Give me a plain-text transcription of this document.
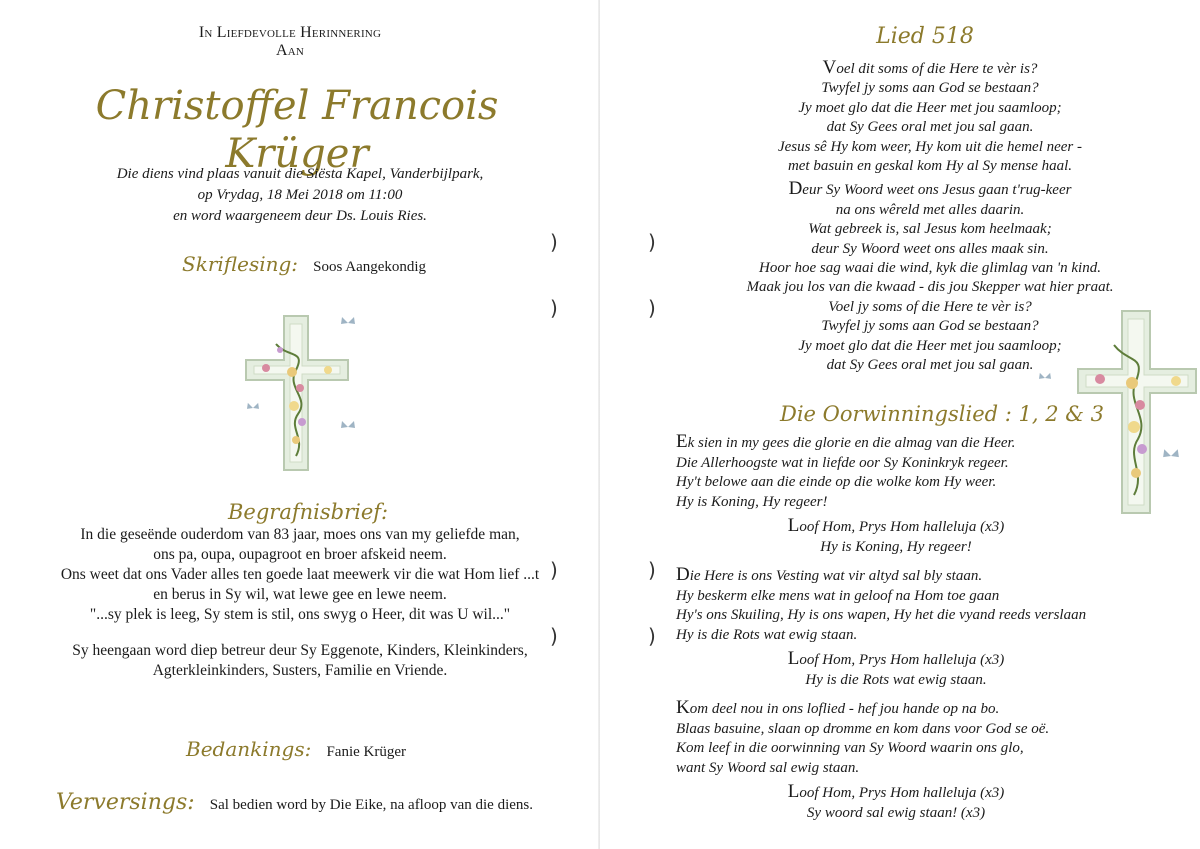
In Liefdevolle Herinnering
Aan
Christoffel Francois Krüger
Die diens vind plaas vanuit die Siësta Kapel, Vanderbijlpark,
op Vrydag, 18 Mei 2018 om 11:00
en word waargeneem deur Ds. Louis Ries.
Skriflesing: Soos Aangekondig
Begrafnisbrief:
In die geseënde ouderdom van 83 jaar, moes ons van my geliefde man,
ons pa, oupa, oupagroot en broer afskeid neem.
Ons weet dat ons Vader alles ten goede laat meewerk vir die wat Hom lief ...t
en berus in Sy wil, wat lewe gee en lewe neem.
"...sy plek is leeg, Sy stem is stil, ons swyg o Heer, dit was U wil..."
Sy heengaan word diep betreur deur Sy Eggenote, Kinders, Kleinkinders,
Agterkleinkinders, Susters, Familie en Vriende.
Bedankings: Fanie Krüger
Verversings: Sal bedien word by Die Eike, na afloop van die diens.
)
)
)
)
Lied 518
Voel dit soms of die Here te vèr is?
Twyfel jy soms aan God se bestaan?
Jy moet glo dat die Heer met jou saamloop;
dat Sy Gees oral met jou sal gaan.
Jesus sê Hy kom weer, Hy kom uit die hemel neer -
met basuin en geskal kom Hy al Sy mense haal.
Deur Sy Woord weet ons Jesus gaan t'rug-keer
na ons wêreld met alles daarin.
Wat gebreek is, sal Jesus kom heelmaak;
deur Sy Woord weet ons alles maak sin.
Hoor hoe sag waai die wind, kyk die glimlag van 'n kind.
Maak jou los van die kwaad - dis jou Skepper wat hier praat.
Voel jy soms of die Here te vèr is?
Twyfel jy soms aan God se bestaan?
Jy moet glo dat die Heer met jou saamloop;
dat Sy Gees oral met jou sal gaan.
Die Oorwinningslied : 1, 2 & 3
Ek sien in my gees die glorie en die almag van die Heer.
Die Allerhoogste wat in liefde oor Sy Koninkryk regeer.
Hy't belowe aan die einde op die wolke kom Hy weer.
Hy is Koning, Hy regeer!
Loof Hom, Prys Hom halleluja (x3)
Hy is Koning, Hy regeer!
Die Here is ons Vesting wat vir altyd sal bly staan.
Hy beskerm elke mens wat in geloof na Hom toe gaan
Hy's ons Skuiling, Hy is ons wapen, Hy het die vyand reeds verslaan
Hy is die Rots wat ewig staan.
Loof Hom, Prys Hom halleluja (x3)
Hy is die Rots wat ewig staan.
Kom deel nou in ons loflied - hef jou hande op na bo.
Blaas basuine, slaan op dromme en kom dans voor God se oë.
Kom leef in die oorwinning van Sy Woord waarin ons glo,
want Sy Woord sal ewig staan.
Loof Hom, Prys Hom halleluja (x3)
Sy woord sal ewig staan! (x3)
)
)
)
)
